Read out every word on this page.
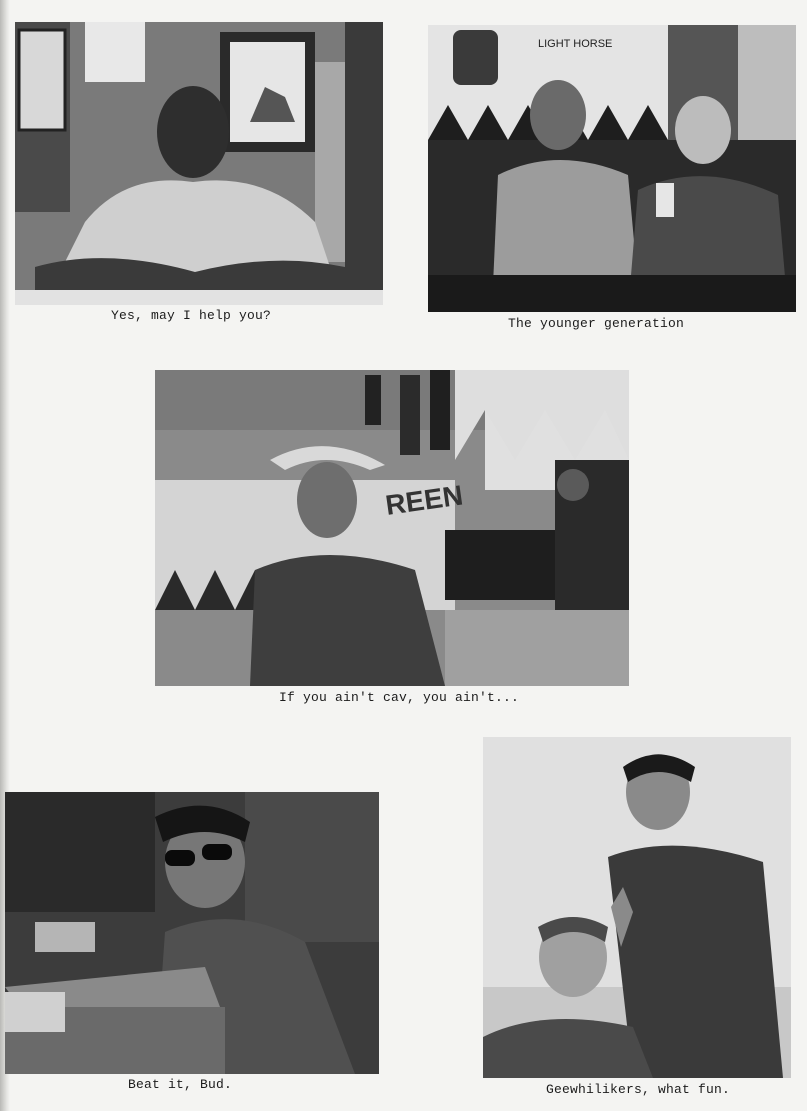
Yes, may I help you?
LIGHT HORSE
The younger generation
REEN
If you ain't cav, you ain't...
Beat it, Bud.	Geewhilikers, what fun.
